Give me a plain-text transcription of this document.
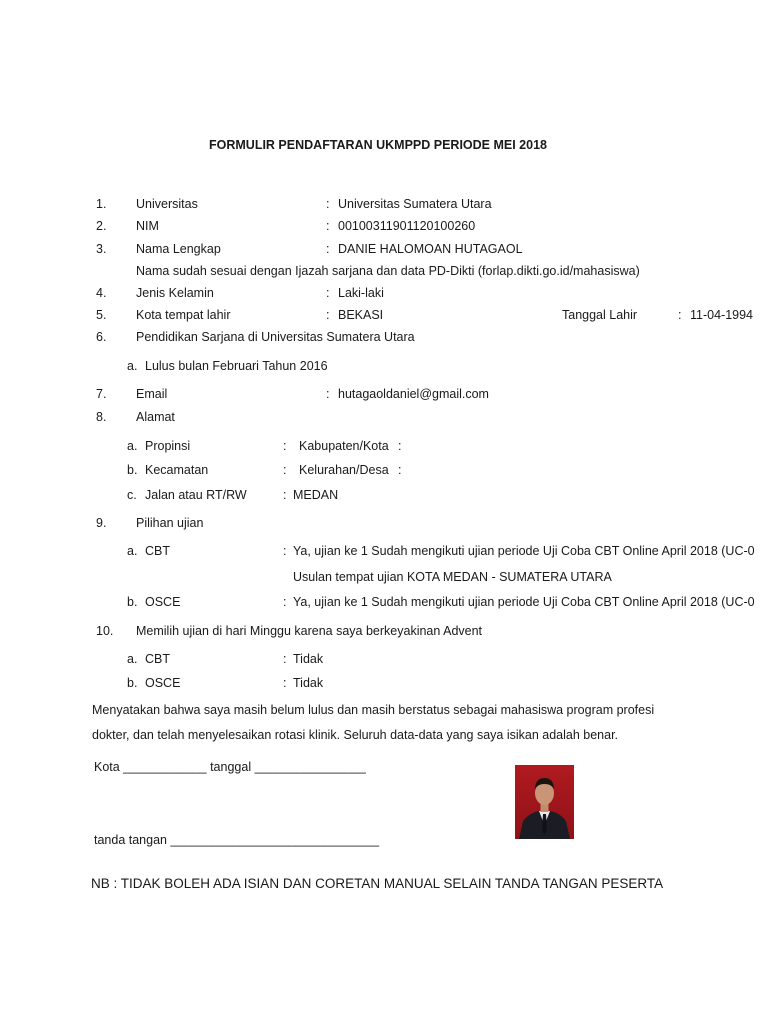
FORMULIR PENDAFTARAN UKMPPD PERIODE MEI 2018
1. Universitas	: Universitas Sumatera Utara
2. NIM	: 00100311901120100260
3. Nama Lengkap	: DANIE HALOMOAN HUTAGAOL
Nama sudah sesuai dengan Ijazah sarjana dan data PD-Dikti (forlap.dikti.go.id/mahasiswa)
4. Jenis Kelamin	: Laki-laki
5. Kota tempat lahir	: BEKASI	Tanggal Lahir	: 11-04-1994
6. Pendidikan Sarjana di Universitas Sumatera Utara
a. Lulus bulan Februari Tahun 2016
7. Email	: hutagaoldaniel@gmail.com
8. Alamat
a. Propinsi	: Kabupaten/Kota :
b. Kecamatan	: Kelurahan/Desa :
c. Jalan atau RT/RW	: MEDAN
9. Pilihan ujian
a. CBT	: Ya, ujian ke 1 Sudah mengikuti ujian periode Uji Coba CBT Online April 2018 (UC-0
Usulan tempat ujian KOTA MEDAN - SUMATERA UTARA
b. OSCE	: Ya, ujian ke 1 Sudah mengikuti ujian periode Uji Coba CBT Online April 2018 (UC-0
10. Memilih ujian di hari Minggu karena saya berkeyakinan Advent
a. CBT	: Tidak
b. OSCE	: Tidak
Menyatakan bahwa saya masih belum lulus dan masih berstatus sebagai mahasiswa program profesi
dokter, dan telah menyelesaikan rotasi klinik. Seluruh data-data yang saya isikan adalah benar.
Kota ____________ tanggal ________________
tanda tangan ______________________________
NB : TIDAK BOLEH ADA ISIAN DAN CORETAN MANUAL SELAIN TANDA TANGAN PESERTA
